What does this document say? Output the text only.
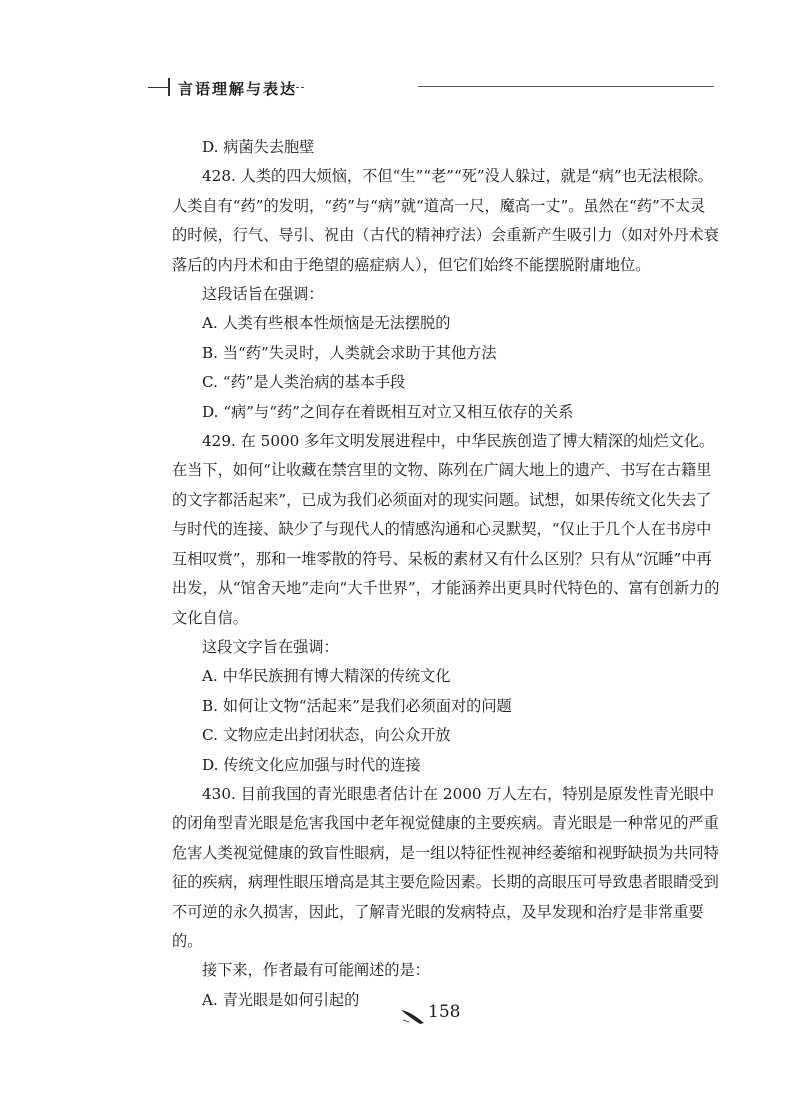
言语理解与表达

D. 病菌失去胞壁

428. 人类的四大烦恼，不但“生”“老”“死”没人躲过，就是“病”也无法根除。人类自有“药”的发明，“药”与“病”就“道高一尺，魔高一丈”。虽然在“药”不太灵的时候，行气、导引、祝由（古代的精神疗法）会重新产生吸引力（如对外丹术衰落后的内丹术和由于绝望的癌症病人），但它们始终不能摆脱附庸地位。

这段话旨在强调：

A. 人类有些根本性烦恼是无法摆脱的

B. 当“药”失灵时，人类就会求助于其他方法

C. “药”是人类治病的基本手段

D. “病”与“药”之间存在着既相互对立又相互依存的关系

429. 在 5000 多年文明发展进程中，中华民族创造了博大精深的灿烂文化。在当下，如何“让收藏在禁宫里的文物、陈列在广阔大地上的遗产、书写在古籍里的文字都活起来”，已成为我们必须面对的现实问题。试想，如果传统文化失去了与时代的连接、缺少了与现代人的情感沟通和心灵默契，“仅止于几个人在书房中互相叹赏”，那和一堆零散的符号、呆板的素材又有什么区别？只有从“沉睡”中再出发，从“馆舍天地”走向“大千世界”，才能涵养出更具时代特色的、富有创新力的文化自信。

这段文字旨在强调：

A. 中华民族拥有博大精深的传统文化

B. 如何让文物“活起来”是我们必须面对的问题

C. 文物应走出封闭状态，向公众开放

D. 传统文化应加强与时代的连接

430. 目前我国的青光眼患者估计在 2000 万人左右，特别是原发性青光眼中的闭角型青光眼是危害我国中老年视觉健康的主要疾病。青光眼是一种常见的严重危害人类视觉健康的致盲性眼病，是一组以特征性视神经萎缩和视野缺损为共同特征的疾病，病理性眼压增高是其主要危险因素。长期的高眼压可导致患者眼睛受到不可逆的永久损害，因此，了解青光眼的发病特点，及早发现和治疗是非常重要的。

接下来，作者最有可能阐述的是：

A. 青光眼是如何引起的

158
